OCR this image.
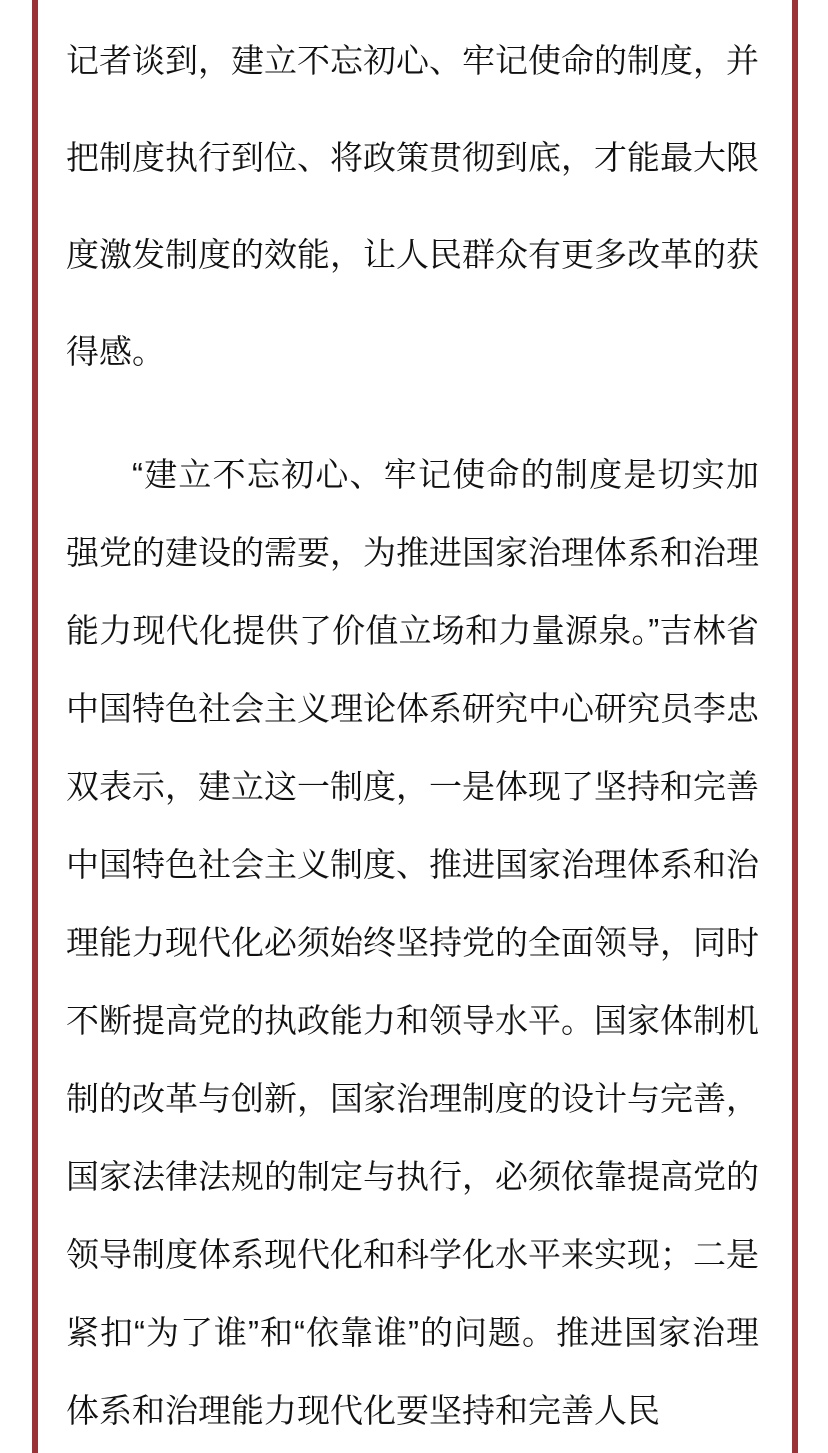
记者谈到，建立不忘初心、牢记使命的制度，并把制度执行到位、将政策贯彻到底，才能最大限度激发制度的效能，让人民群众有更多改革的获得感。

“建立不忘初心、牢记使命的制度是切实加强党的建设的需要，为推进国家治理体系和治理能力现代化提供了价值立场和力量源泉。”吉林省中国特色社会主义理论体系研究中心研究员李忠双表示，建立这一制度，一是体现了坚持和完善中国特色社会主义制度、推进国家治理体系和治理能力现代化必须始终坚持党的全面领导，同时不断提高党的执政能力和领导水平。国家体制机制的改革与创新，国家治理制度的设计与完善，国家法律法规的制定与执行，必须依靠提高党的领导制度体系现代化和科学化水平来实现；二是紧扣“为了谁”和“依靠谁”的问题。推进国家治理体系和治理能力现代化要坚持和完善人民
